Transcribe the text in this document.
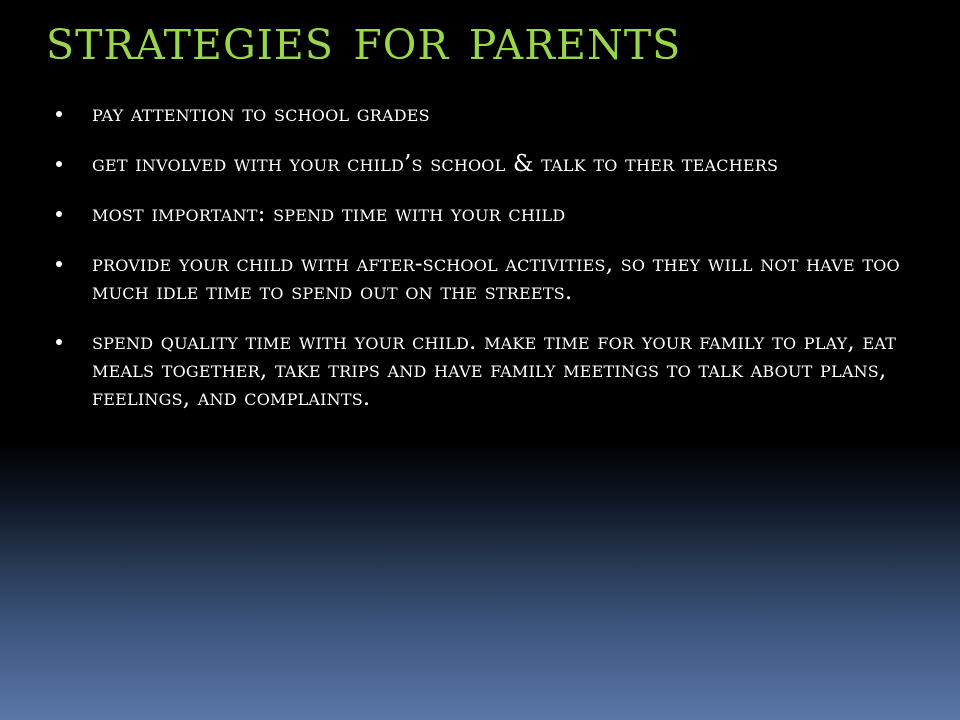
strategies for parents
pay attention to school grades
get involved with your child’s school & talk to ther teachers
most important: spend time with your child
provide your child with after-school activities, so they will not have too much idle time to spend out on the streets.
spend quality time with your child. make time for your family to play, eat meals together, take trips and have family meetings to talk about plans, feelings, and complaints.
